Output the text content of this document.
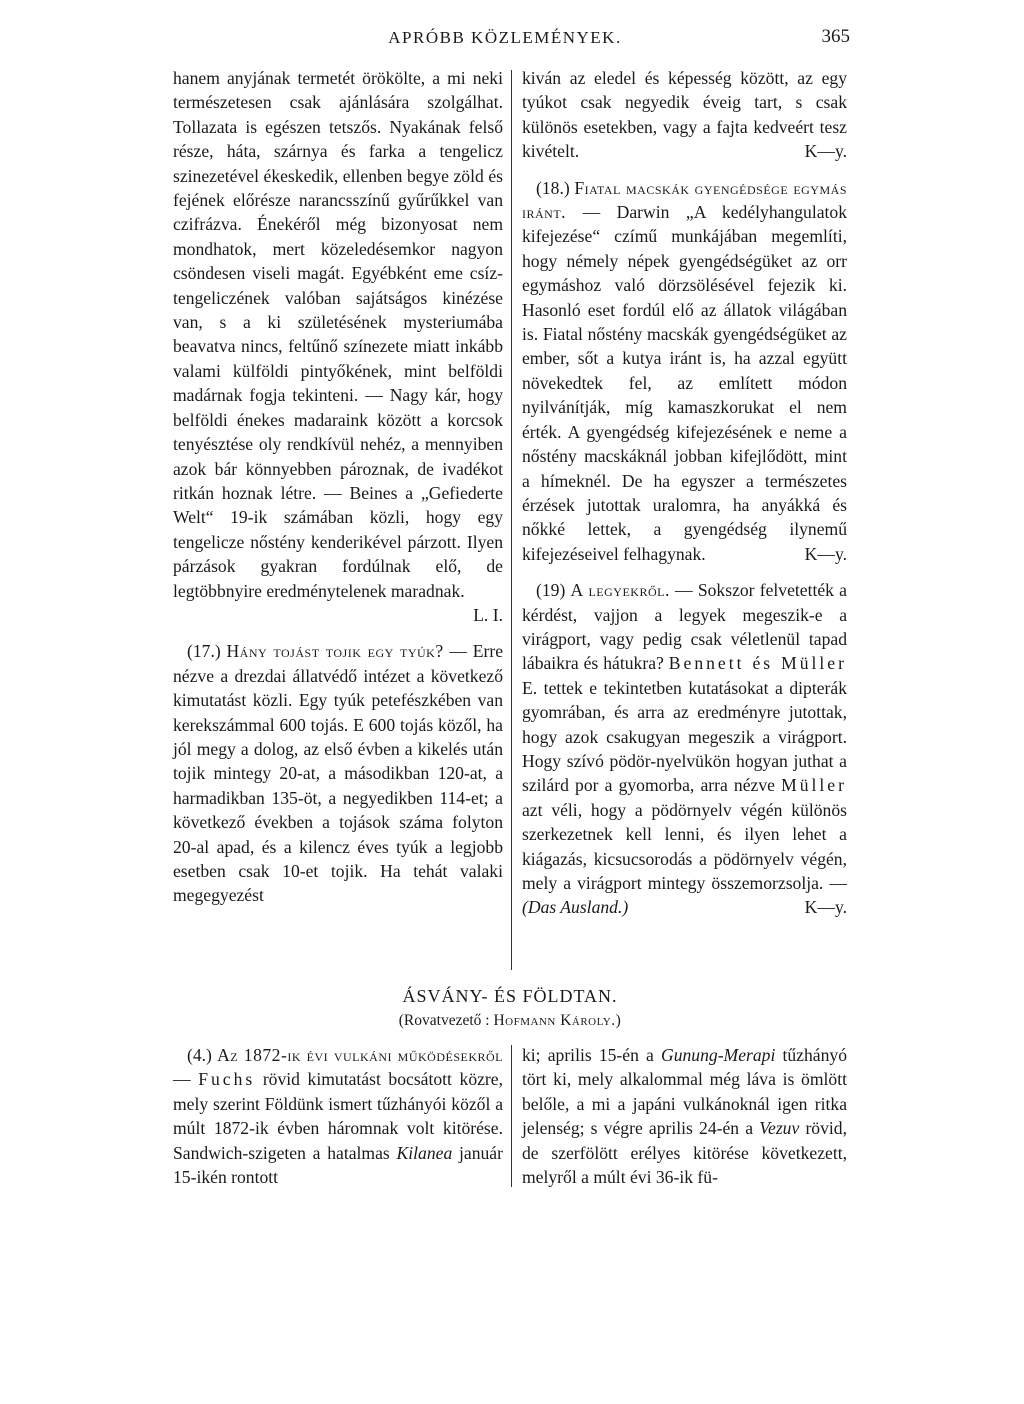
APRÓBB KÖZLEMÉNYEK.	365

hanem anyjának termetét örökölte, a mi neki természetesen csak ajánlására szolgálhat. Tollazata is egészen tetszős. Nyakának felső része, háta, szárnya és farka a tengelicz szinezetével ékeskedik, ellenben begye zöld és fejének előrésze narancsszínű gyűrűkkel van czifrázva. Énekéről még bizonyosat nem mondhatok, mert közeledésemkor nagyon csöndesen viseli magát. Egyébként eme csíz-tengeliczének valóban sajátságos kinézése van, s a ki születésének mysteriumába beavatva nincs, feltűnő színezete miatt inkább valami külföldi pintyőkének, mint belföldi madárnak fogja tekinteni. — Nagy kár, hogy belföldi énekes madaraink között a korcsok tenyésztése oly rendkívül nehéz, a mennyiben azok bár könnyebben pároznak, de ivadékot ritkán hoznak létre. — Beines a „Gefiederte Welt“ 19-ik számában közli, hogy egy tengelicze nőstény kenderikével párzott. Ilyen párzások gyakran fordúlnak elő, de legtöbbnyire eredménytelenek maradnak.

L. I.

(17.) Hány tojást tojik egy tyúk? — Erre nézve a drezdai állatvédő intézet a következő kimutatást közli. Egy tyúk petefészkében van kerekszámmal 600 tojás. E 600 tojás közől, ha jól megy a dolog, az első évben a kikelés után tojik mintegy 20-at, a másodikban 120-at, a harmadikban 135-öt, a negyedikben 114-et; a következő években a tojások száma folyton 20-al apad, és a kilencz éves tyúk a legjobb esetben csak 10-et tojik. Ha tehát valaki megegyezést

kiván az eledel és képesség között, az egy tyúkot csak negyedik éveig tart, s csak különös esetekben, vagy a fajta kedveért tesz kivételt.	K—y.

(18.) Fiatal macskák gyengédsége egymás iránt. — Darwin „A kedélyhangulatok kifejezése“ czímű munkájában megemlíti, hogy némely népek gyengédségüket az orr egymáshoz való dörzsölésével fejezik ki. Hasonló eset fordúl elő az állatok világában is. Fiatal nőstény macskák gyengédségüket az ember, sőt a kutya iránt is, ha azzal együtt növekedtek fel, az említett módon nyilvánítják, míg kamaszkorukat el nem érték. A gyengédség kifejezésének e neme a nőstény macskáknál jobban kifejlődött, mint a hímeknél. De ha egyszer a természetes érzések jutottak uralomra, ha anyákká és nőkké lettek, a gyengédség ilynemű kifejezéseivel felhagynak.	K—y.

(19) A legyekről. — Sokszor felvetették a kérdést, vajjon a legyek megeszik-e a virágport, vagy pedig csak véletlenül tapad lábaikra és hátukra? Bennett és Müller E. tettek e tekintetben kutatásokat a dipterák gyomrában, és arra az eredményre jutottak, hogy azok csakugyan megeszik a virágport. Hogy szívó pödör-nyelvükön hogyan juthat a szilárd por a gyomorba, arra nézve Müller azt véli, hogy a pödörnyelv végén különös szerkezetnek kell lenni, és ilyen lehet a kiágazás, kicsucsorodás a pödörnyelv végén, mely a virágport mintegy összemorzsolja. — (Das Ausland.)	K—y.

ÁSVÁNY- ÉS FÖLDTAN.
(Rovatvezető : Hofmann Károly.)

(4.) Az 1872-ik évi vulkáni működésekről — Fuchs rövid kimutatást bocsátott közre, mely szerint Földünk ismert tűzhányói közől a múlt 1872-ik évben háromnak volt kitörése. Sandwich-szigeten a hatalmas Kilanea január 15-ikén rontott

ki; aprilis 15-én a Gunung-Merapi tűzhányó tört ki, mely alkalommal még láva is ömlött belőle, a mi a japáni vulkánoknál igen ritka jelenség; s végre aprilis 24-én a Vezuv rövid, de szerfölött erélyes kitörése következett, melyről a múlt évi 36-ik fü-
